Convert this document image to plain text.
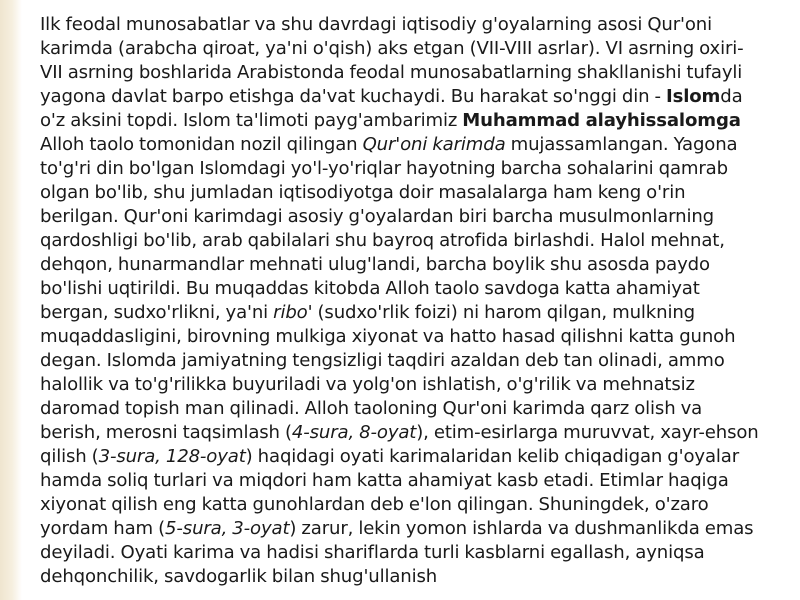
Ilk feodal munosabatlar va shu davrdagi iqtisodiy g'oyalarning asosi Qur'oni karimda (arabcha qiroat, ya'ni o'qish) aks etgan (VII-VIII asrlar). VI asrning oxiri-VII asrning boshlarida Arabistonda feodal munosabatlarning shakllanishi tufayli yagona davlat barpo etishga da'vat kuchaydi. Bu harakat so'nggi din - Islomda o'z aksini topdi. Islom ta'limoti payg'ambarimiz Muhammad alayhissalomga Alloh taolo tomonidan nozil qilingan Qur'oni karimda mujassamlangan. Yagona to'g'ri din bo'lgan Islomdagi yo'l-yo'riqlar hayotning barcha sohalarini qamrab olgan bo'lib, shu jumladan iqtisodiyotga doir masalalarga ham keng o'rin berilgan. Qur'oni karimdagi asosiy g'oyalardan biri barcha musulmonlarning qardoshligi bo'lib, arab qabilalari shu bayroq atrofida birlashdi. Halol mehnat, dehqon, hunarmandlar mehnati ulug'landi, barcha boylik shu asosda paydo bo'lishi uqtirildi. Bu muqaddas kitobda Alloh taolo savdoga katta ahamiyat bergan, sudxo'rlikni, ya'ni ribo' (sudxo'rlik foizi) ni harom qilgan, mulkning muqaddasligini, birovning mulkiga xiyonat va hatto hasad qilishni katta gunoh degan. Islomda jamiyatning tengsizligi taqdiri azaldan deb tan olinadi, ammo halollik va to'g'rilikka buyuriladi va yolg'on ishlatish, o'g'rilik va mehnatsiz daromad topish man qilinadi. Alloh taoloning Qur'oni karimda qarz olish va berish, merosni taqsimlash (4-sura, 8-oyat), etim-esirlarga muruvvat, xayr-ehson qilish (3-sura, 128-oyat) haqidagi oyati karimalaridan kelib chiqadigan g'oyalar hamda soliq turlari va miqdori ham katta ahamiyat kasb etadi. Etimlar haqiga xiyonat qilish eng katta gunohlardan deb e'lon qilingan. Shuningdek, o'zaro yordam ham (5-sura, 3-oyat) zarur, lekin yomon ishlarda va dushmanlikda emas deyiladi. Oyati karima va hadisi shariflarda turli kasblarni egallash, ayniqsa dehqonchilik, savdogarlik bilan shug'ullanish
